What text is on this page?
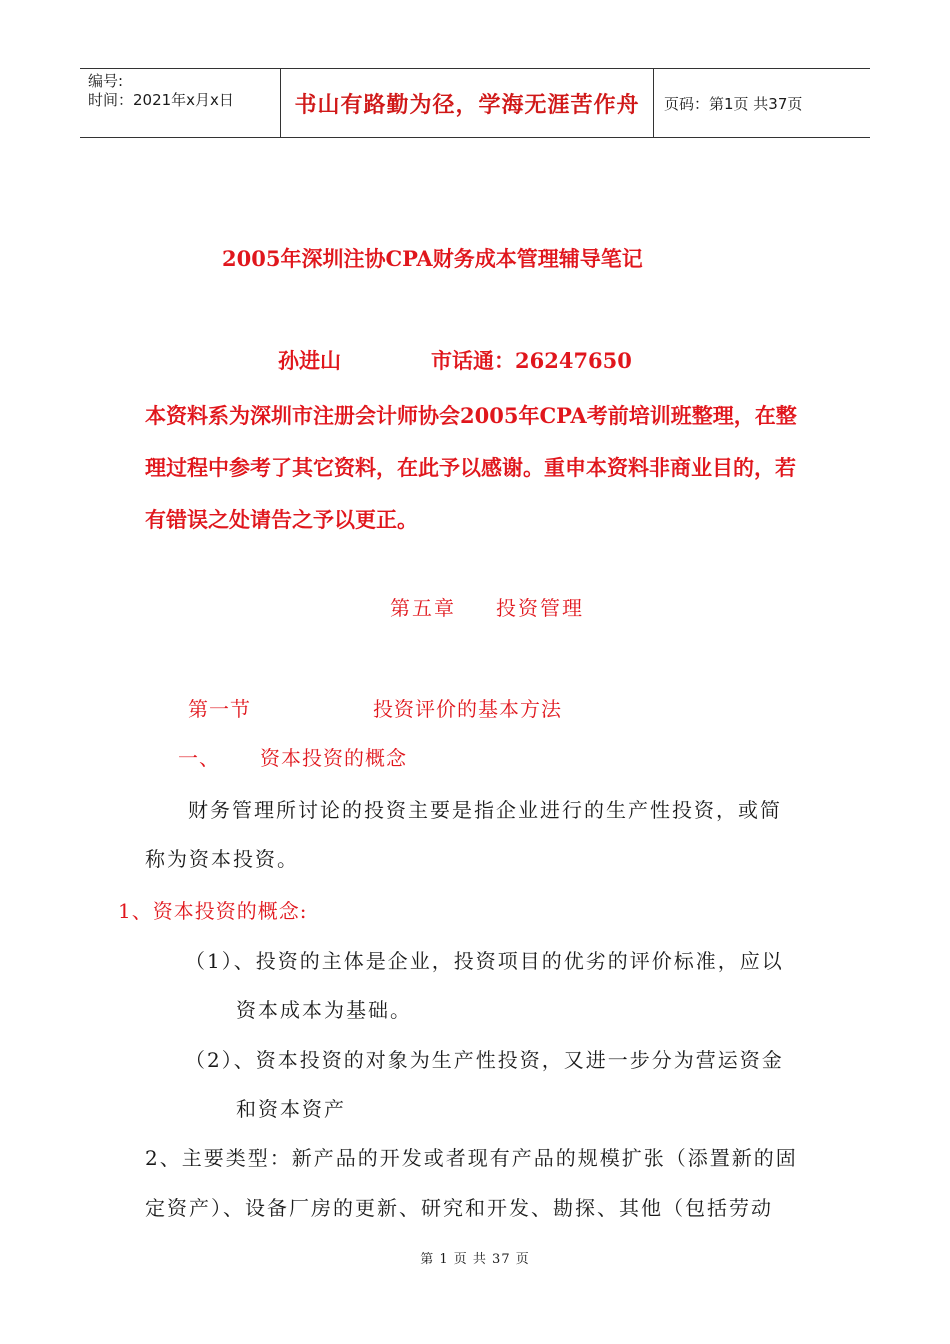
编号:
时间：2021年x月x日	书山有路勤为径，学海无涯苦作舟	页码：第1页 共37页
2005年深圳注协CPA财务成本管理辅导笔记
孙进山	市话通：26247650
本资料系为深圳市注册会计师协会2005年CPA考前培训班整理，在整理过程中参考了其它资料，在此予以感谢。重申本资料非商业目的，若有错误之处请告之予以更正。
第五章 投资管理
第一节	投资评价的基本方法
一、 资本投资的概念
财务管理所讨论的投资主要是指企业进行的生产性投资，或简
称为资本投资。
1、资本投资的概念:
（1）、投资的主体是企业，投资项目的优劣的评价标准，应以
资本成本为基础。
（2）、资本投资的对象为生产性投资，又进一步分为营运资金
和资本资产
2、主要类型：新产品的开发或者现有产品的规模扩张（添置新的固
定资产）、设备厂房的更新、研究和开发、勘探、其他（包括劳动
第 1 页 共 37 页
